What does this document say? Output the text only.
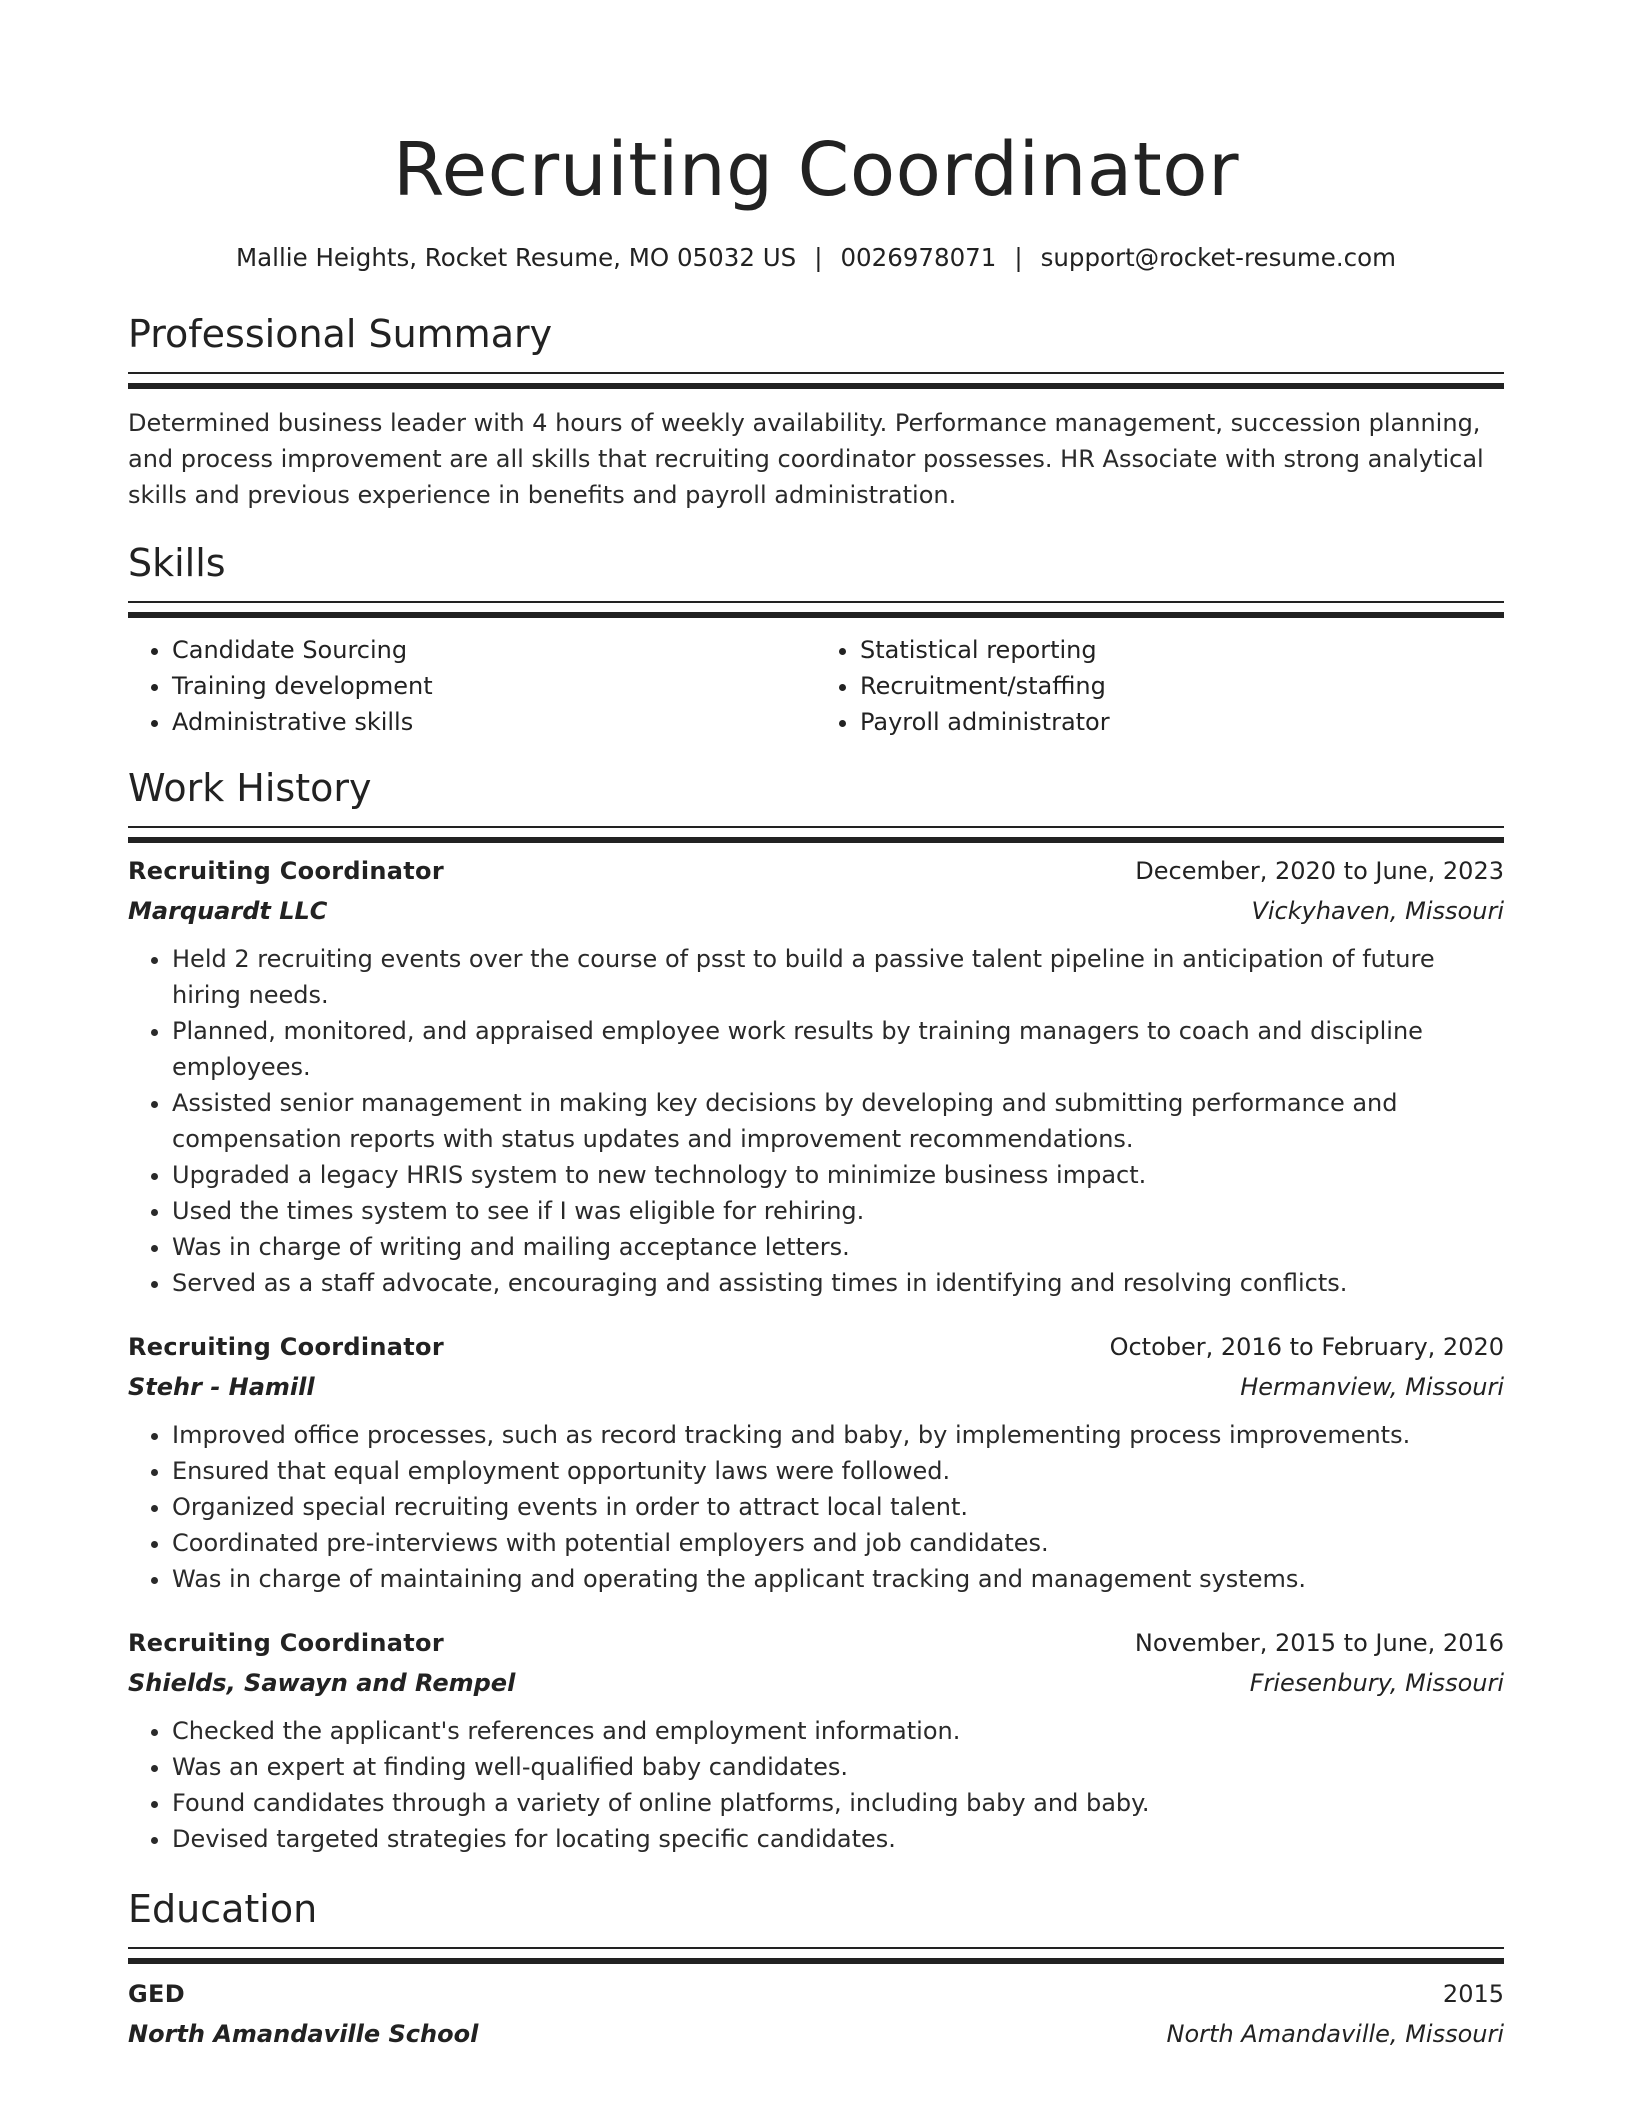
Recruiting Coordinator
Mallie Heights, Rocket Resume, MO 05032 US | 0026978071 | support@rocket-resume.com
Professional Summary
Determined business leader with 4 hours of weekly availability. Performance management, succession planning, and process improvement are all skills that recruiting coordinator possesses. HR Associate with strong analytical skills and previous experience in benefits and payroll administration.
Skills
• Candidate Sourcing
• Training development
• Administrative skills
• Statistical reporting
• Recruitment/staffing
• Payroll administrator
Work History
Recruiting Coordinator	December, 2020 to June, 2023
Marquardt LLC	Vickyhaven, Missouri
• Held 2 recruiting events over the course of psst to build a passive talent pipeline in anticipation of future hiring needs.
• Planned, monitored, and appraised employee work results by training managers to coach and discipline employees.
• Assisted senior management in making key decisions by developing and submitting performance and compensation reports with status updates and improvement recommendations.
• Upgraded a legacy HRIS system to new technology to minimize business impact.
• Used the times system to see if I was eligible for rehiring.
• Was in charge of writing and mailing acceptance letters.
• Served as a staff advocate, encouraging and assisting times in identifying and resolving conflicts.
Recruiting Coordinator	October, 2016 to February, 2020
Stehr - Hamill	Hermanview, Missouri
• Improved office processes, such as record tracking and baby, by implementing process improvements.
• Ensured that equal employment opportunity laws were followed.
• Organized special recruiting events in order to attract local talent.
• Coordinated pre-interviews with potential employers and job candidates.
• Was in charge of maintaining and operating the applicant tracking and management systems.
Recruiting Coordinator	November, 2015 to June, 2016
Shields, Sawayn and Rempel	Friesenbury, Missouri
• Checked the applicant's references and employment information.
• Was an expert at finding well-qualified baby candidates.
• Found candidates through a variety of online platforms, including baby and baby.
• Devised targeted strategies for locating specific candidates.
Education
GED	2015
North Amandaville School	North Amandaville, Missouri
